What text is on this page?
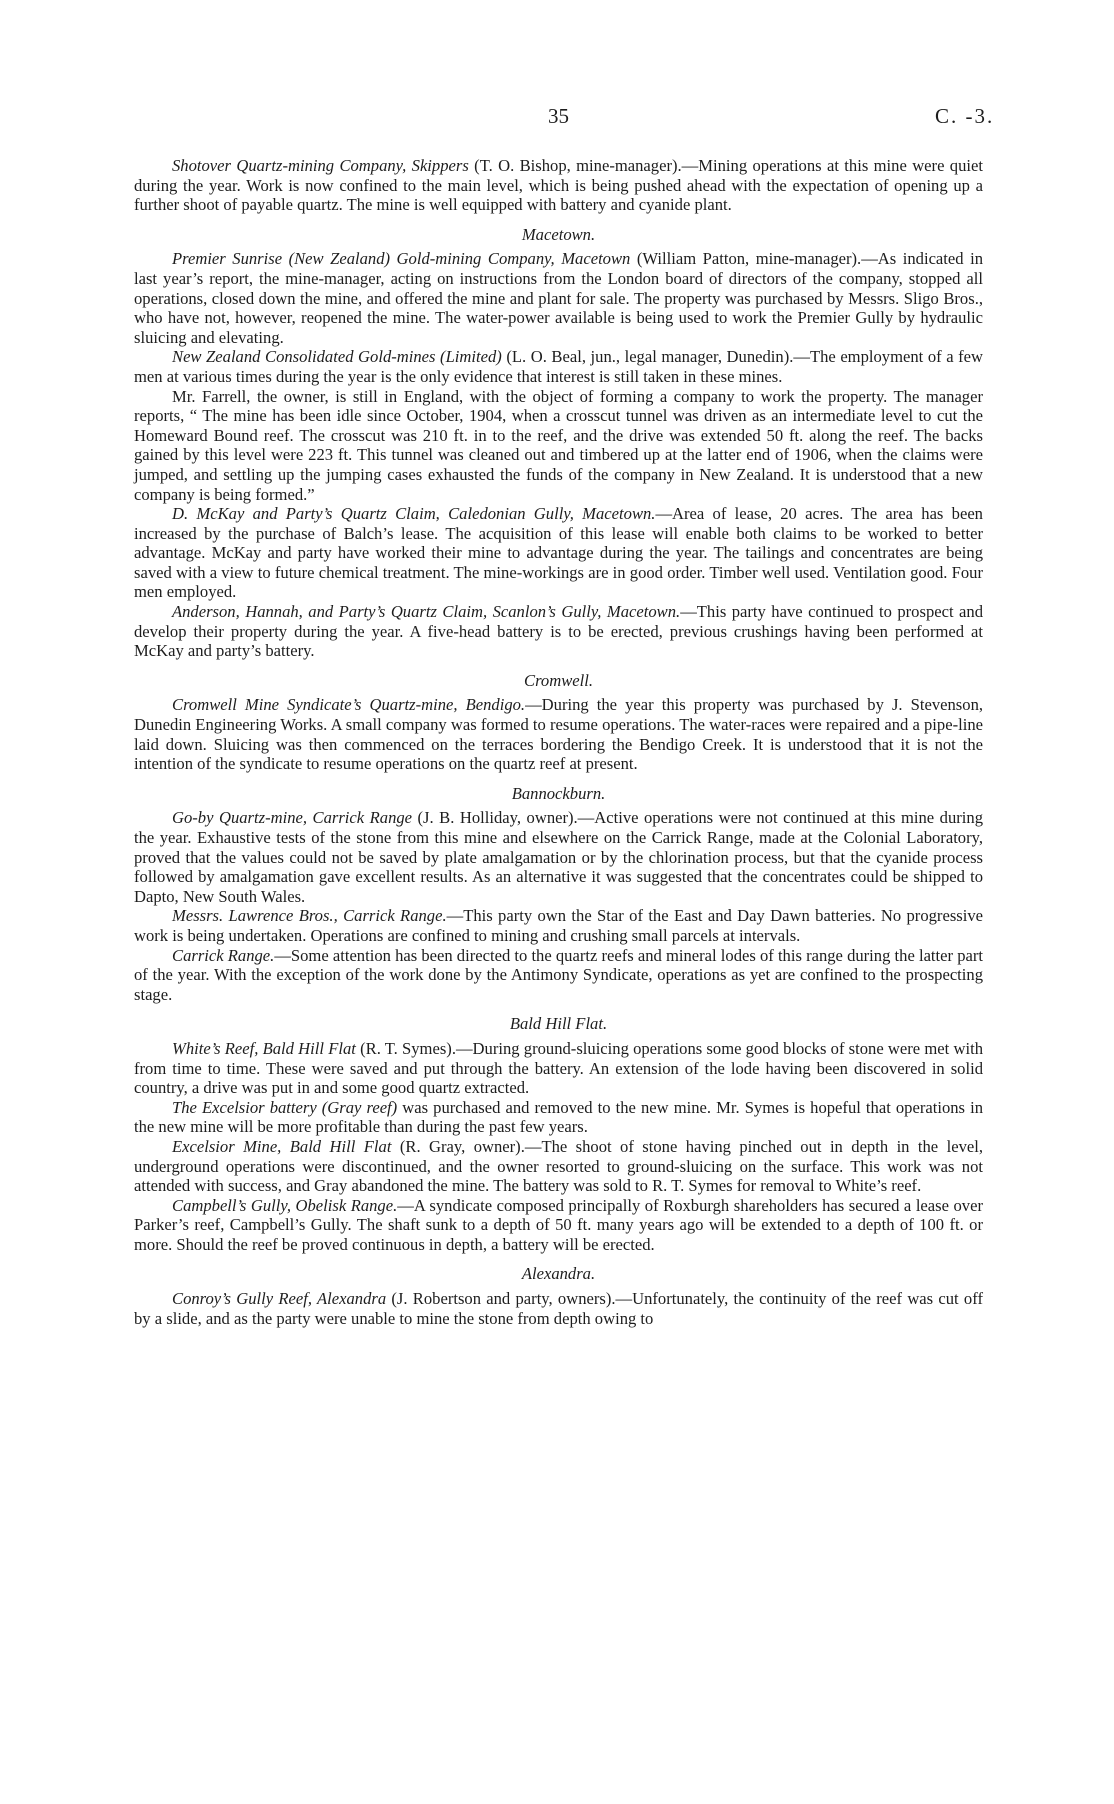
35	C. -3.

Shotover Quartz-mining Company, Skippers (T. O. Bishop, mine-manager).—Mining operations at this mine were quiet during the year. Work is now confined to the main level, which is being pushed ahead with the expectation of opening up a further shoot of payable quartz. The mine is well equipped with battery and cyanide plant.

Macetown.

Premier Sunrise (New Zealand) Gold-mining Company, Macetown (William Patton, mine-manager).—As indicated in last year’s report, the mine-manager, acting on instructions from the London board of directors of the company, stopped all operations, closed down the mine, and offered the mine and plant for sale. The property was purchased by Messrs. Sligo Bros., who have not, however, reopened the mine. The water-power available is being used to work the Premier Gully by hydraulic sluicing and elevating.

New Zealand Consolidated Gold-mines (Limited) (L. O. Beal, jun., legal manager, Dunedin).—The employment of a few men at various times during the year is the only evidence that interest is still taken in these mines.

Mr. Farrell, the owner, is still in England, with the object of forming a company to work the property. The manager reports, “ The mine has been idle since October, 1904, when a crosscut tunnel was driven as an intermediate level to cut the Homeward Bound reef. The crosscut was 210 ft. in to the reef, and the drive was extended 50 ft. along the reef. The backs gained by this level were 223 ft. This tunnel was cleaned out and timbered up at the latter end of 1906, when the claims were jumped, and settling up the jumping cases exhausted the funds of the company in New Zealand. It is understood that a new company is being formed.”

D. McKay and Party’s Quartz Claim, Caledonian Gully, Macetown.—Area of lease, 20 acres. The area has been increased by the purchase of Balch’s lease. The acquisition of this lease will enable both claims to be worked to better advantage. McKay and party have worked their mine to advantage during the year. The tailings and concentrates are being saved with a view to future chemical treatment. The mine-workings are in good order. Timber well used. Ventilation good. Four men employed.

Anderson, Hannah, and Party’s Quartz Claim, Scanlon’s Gully, Macetown.—This party have continued to prospect and develop their property during the year. A five-head battery is to be erected, previous crushings having been performed at McKay and party’s battery.

Cromwell.

Cromwell Mine Syndicate’s Quartz-mine, Bendigo.—During the year this property was purchased by J. Stevenson, Dunedin Engineering Works. A small company was formed to resume operations. The water-races were repaired and a pipe-line laid down. Sluicing was then commenced on the terraces bordering the Bendigo Creek. It is understood that it is not the intention of the syndicate to resume operations on the quartz reef at present.

Bannockburn.

Go-by Quartz-mine, Carrick Range (J. B. Holliday, owner).—Active operations were not continued at this mine during the year. Exhaustive tests of the stone from this mine and elsewhere on the Carrick Range, made at the Colonial Laboratory, proved that the values could not be saved by plate amalgamation or by the chlorination process, but that the cyanide process followed by amalgamation gave excellent results. As an alternative it was suggested that the concentrates could be shipped to Dapto, New South Wales.

Messrs. Lawrence Bros., Carrick Range.—This party own the Star of the East and Day Dawn batteries. No progressive work is being undertaken. Operations are confined to mining and crushing small parcels at intervals.

Carrick Range.—Some attention has been directed to the quartz reefs and mineral lodes of this range during the latter part of the year. With the exception of the work done by the Antimony Syndicate, operations as yet are confined to the prospecting stage.

Bald Hill Flat.

White’s Reef, Bald Hill Flat (R. T. Symes).—During ground-sluicing operations some good blocks of stone were met with from time to time. These were saved and put through the battery. An extension of the lode having been discovered in solid country, a drive was put in and some good quartz extracted.

The Excelsior battery (Gray reef) was purchased and removed to the new mine. Mr. Symes is hopeful that operations in the new mine will be more profitable than during the past few years.

Excelsior Mine, Bald Hill Flat (R. Gray, owner).—The shoot of stone having pinched out in depth in the level, underground operations were discontinued, and the owner resorted to ground-sluicing on the surface. This work was not attended with success, and Gray abandoned the mine. The battery was sold to R. T. Symes for removal to White’s reef.

Campbell’s Gully, Obelisk Range.—A syndicate composed principally of Roxburgh shareholders has secured a lease over Parker’s reef, Campbell’s Gully. The shaft sunk to a depth of 50 ft. many years ago will be extended to a depth of 100 ft. or more. Should the reef be proved continuous in depth, a battery will be erected.

Alexandra.

Conroy’s Gully Reef, Alexandra (J. Robertson and party, owners).—Unfortunately, the continuity of the reef was cut off by a slide, and as the party were unable to mine the stone from depth owing to
